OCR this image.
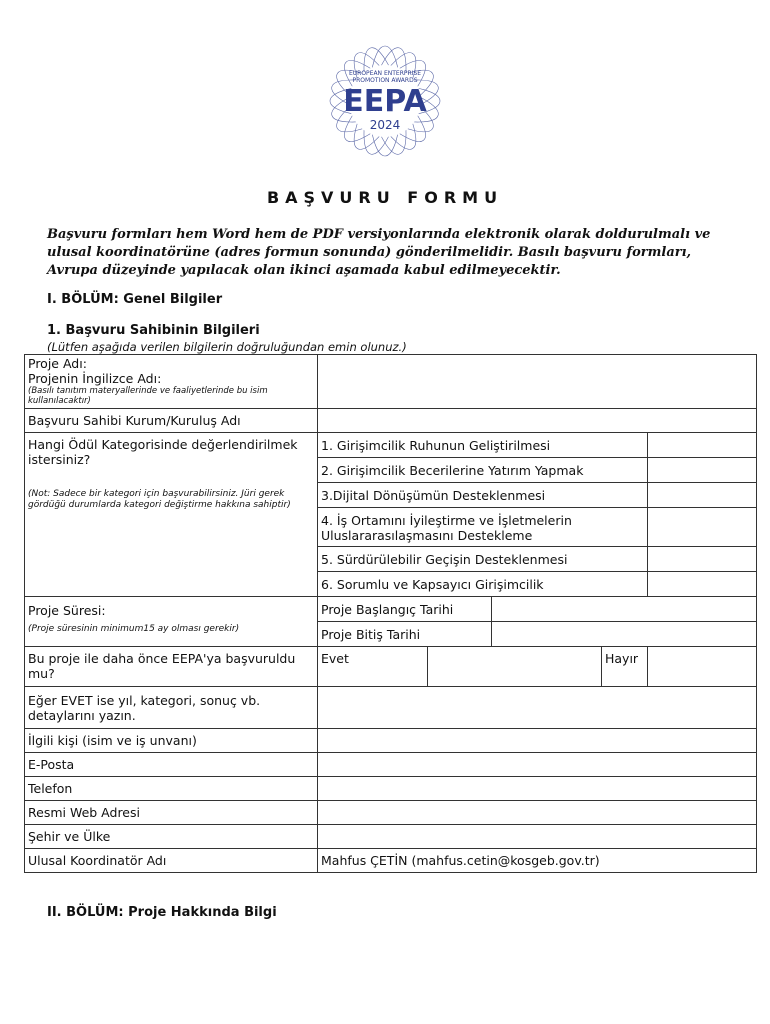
EUROPEAN ENTERPRISE
PROMOTION AWARDS
EEPA
2024
BAŞVURU FORMU
Başvuru formları hem Word hem de PDF versiyonlarında elektronik olarak doldurulmalı ve ulusal koordinatörüne (adres formun sonunda) gönderilmelidir. Basılı başvuru formları, Avrupa düzeyinde yapılacak olan ikinci aşamada kabul edilmeyecektir.
I. BÖLÜM: Genel Bilgiler
1. Başvuru Sahibinin Bilgileri
(Lütfen aşağıda verilen bilgilerin doğruluğundan emin olunuz.)
Proje Adı:
Projenin İngilizce Adı:
(Basılı tanıtım materyallerinde ve faaliyetlerinde bu isim kullanılacaktır)					

Başvuru Sahibi Kurum/Kuruluş Adı					

Hangi Ödül Kategorisinde değerlendirilmek istersiniz?
(Not: Sadece bir kategori için başvurabilirsiniz. Jüri gerek gördüğü durumlarda kategori değiştirme hakkına sahiptir)	1. Girişimcilik Ruhunun Geliştirilmesi				
	2. Girişimcilik Becerilerine Yatırım Yapmak				
	3.Dijital Dönüşümün Desteklenmesi				
	4. İş Ortamını İyileştirme ve İşletmelerin Uluslararasılaşmasını Destekleme				
	5. Sürdürülebilir Geçişin Desteklenmesi				
	6. Sorumlu ve Kapsayıcı Girişimcilik				

Proje Süresi:
(Proje süresinin minimum15 ay olması gerekir)	Proje Başlangıç Tarihi				
	Proje Bitiş Tarihi				
Bu proje ile daha önce EEPA'ya başvuruldu mu?	Evet			Hayır	
Eğer EVET ise yıl, kategori, sonuç vb. detaylarını yazın.					
İlgili kişi (isim ve iş unvanı)					
E-Posta					
Telefon					
Resmi Web Adresi					
Şehir ve Ülke					
Ulusal Koordinatör Adı	Mahfus ÇETİN (mahfus.cetin@kosgeb.gov.tr)				
II. BÖLÜM: Proje Hakkında Bilgi
